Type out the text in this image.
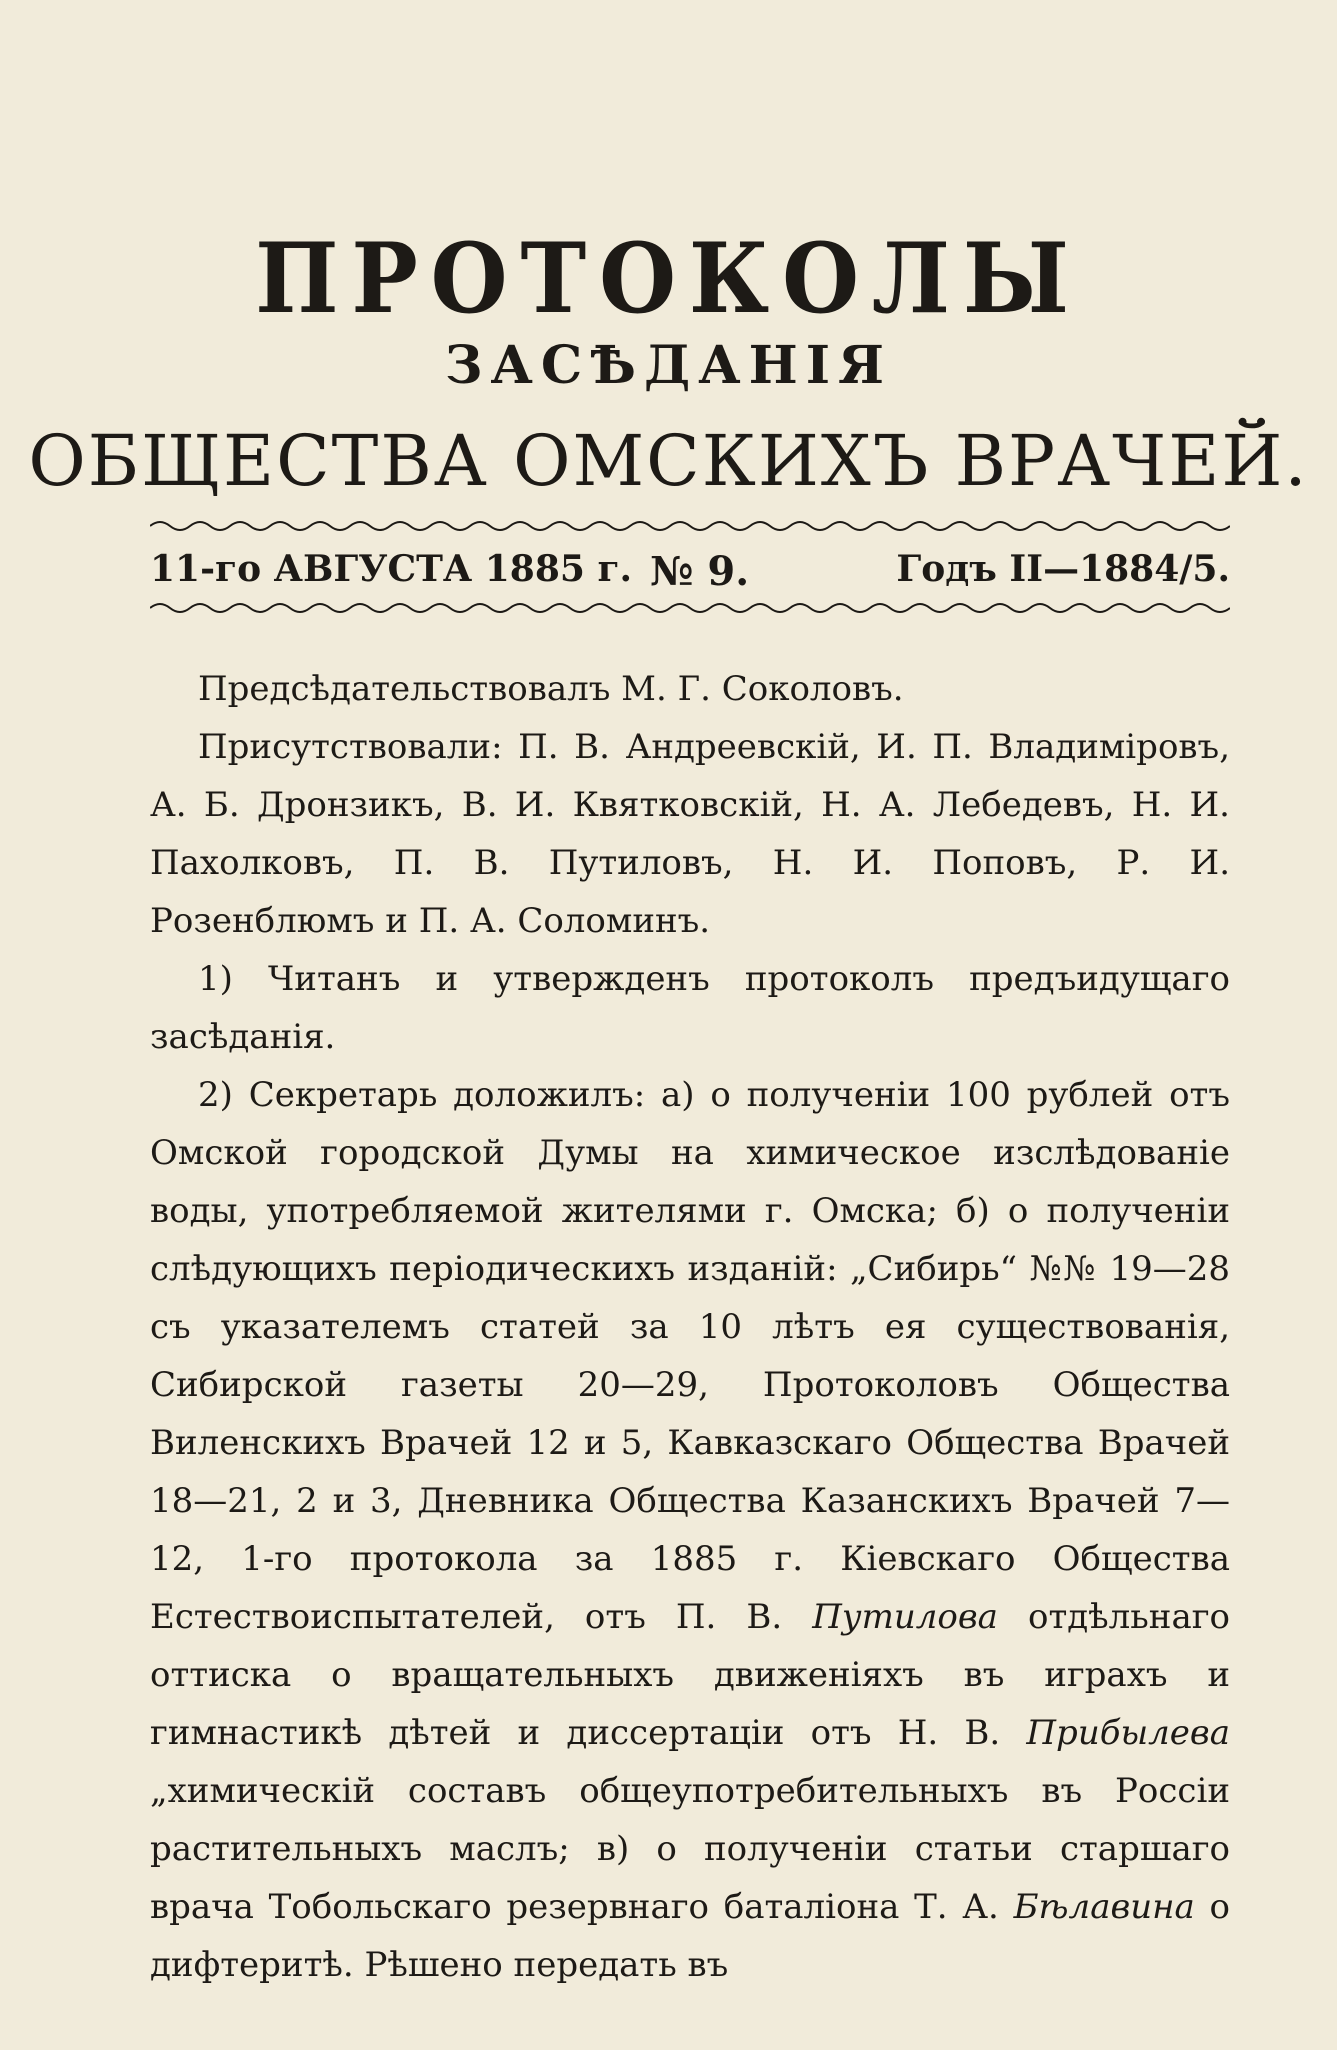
ПРОТОКОЛЫ
ЗАСѢДАНІЯ
ОБЩЕСТВА ОМСКИХЪ ВРАЧЕЙ.
11-го АВГУСТА 1885 г. № 9.	Годъ II—1884/5.

Предсѣдательствовалъ М. Г. Соколовъ.

Присутствовали: П. В. Андреевскій, И. П. Владиміровъ, А. Б. Дронзикъ, В. И. Квятковскій, Н. А. Лебедевъ, Н. И. Пахолковъ, П. В. Путиловъ, Н. И. Поповъ, Р. И. Розенблюмъ и П. А. Соломинъ.

1) Читанъ и утвержденъ протоколъ предъидущаго засѣданія.

2) Секретарь доложилъ: а) о полученіи 100 рублей отъ Омской городской Думы на химическое изслѣдованіе воды, употребляемой жителями г. Омска; б) о полученіи слѣдующихъ періодическихъ изданій: „Сибирь“ №№ 19—28 съ указателемъ статей за 10 лѣтъ ея существованія, Сибирской газеты 20—29, Протоколовъ Общества Виленскихъ Врачей 12 и 5, Кавказскаго Общества Врачей 18—21, 2 и 3, Дневника Общества Казанскихъ Врачей 7—12, 1-го протокола за 1885 г. Кіевскаго Общества Естествоиспытателей, отъ П. В. Путилова отдѣльнаго оттиска о вращательныхъ движеніяхъ въ играхъ и гимнастикѣ дѣтей и диссертаціи отъ Н. В. Прибылева „химическій составъ общеупотребительныхъ въ Россіи растительныхъ маслъ; в) о полученіи статьи старшаго врача Тобольскаго резервнаго баталіона Т. А. Бѣлавина о дифтеритѣ. Рѣшено передать въ
